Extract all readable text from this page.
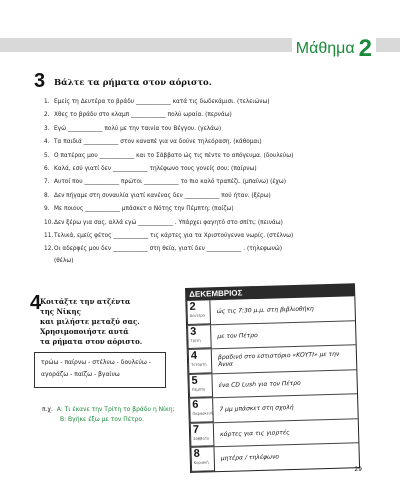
Μάθημα 2
3 Βάλτε τα ρήματα στον αόριστο.
1. Εμείς τη Δευτέρα το βράδυ ____________ κατά τις δωδεκάμισι. (τελειώνω)
2. Χθες το βράδυ στο κλαμπ ____________ πολύ ωραία. (περνάω)
3. Εγώ ____________ πολύ με την ταινία του Βέγγου. (γελάω)
4. Τα παιδιά ____________ στον καναπέ για να δούνε τηλεόραση. (κάθομαι)
5. Ο πατέρας μου ____________ και το Σάββατο ώς τις πέντε το απόγευμα. (δουλεύω)
6. Καλά, εσύ γιατί δεν ____________ τηλέφωνο τους γονείς σου; (παίρνω)
7. Αυτοί που ____________ πρώτοι ____________ το πιο καλό τραπέζι. (μπαίνω) (έχω)
8. Δεν πήγαμε στη συναυλία γιατί κανένας δεν ____________ πού ήταν. (ξέρω)
9. Με ποιους ____________ μπάσκετ ο Νότης την Πέμπτη; (παίζω)
10.Δεν ξέρω για σας, αλλά εγώ ____________ . Υπάρχει φαγητό στο σπίτι; (πεινάω)
11.Τελικά, εμείς φέτος ____________ τις κάρτες για τα Χριστούγεννα νωρίς. (στέλνω)
12.Οι αδερφές μου δεν ____________ στη θεία, γιατί δεν ____________ . (τηλεφωνώ)
(θέλω)
4
Κοιτάξτε την ατζέντα
της Νίκης
και μιλήστε μεταξύ σας.
Χρησιμοποιήστε αυτά
τα ρήματα στον αόριστο.
τρώω - παίρνω - στέλνω - δουλεύω -
αγοράζω - παίζω - βγαίνω
π.χ. Α: Τι έκανε την Τρίτη το βράδυ η Νίκη;
Β: Βγήκε έξω με τον Πέτρο.
ΔΕΚΕΜΒΡΙΟΣ
2
Δευτέρα
ώς τις 7:30 μ.μ. στη βιβλιοθήκη
3
Τρίτη
με τον Πέτρο
4
Τετάρτη
βραδινό στο εστιατόριο «ΚΟΥΤΙ» με την Άννα
5
Πέμπτη
ένα CD Lush για τον Πέτρο
6
Παρασκευή
7 μμ μπάσκετ στη σχολή
7
Σάββατο
κάρτες για τις γιορτές
8
Κυριακή
μητέρα / τηλέφωνο
29
